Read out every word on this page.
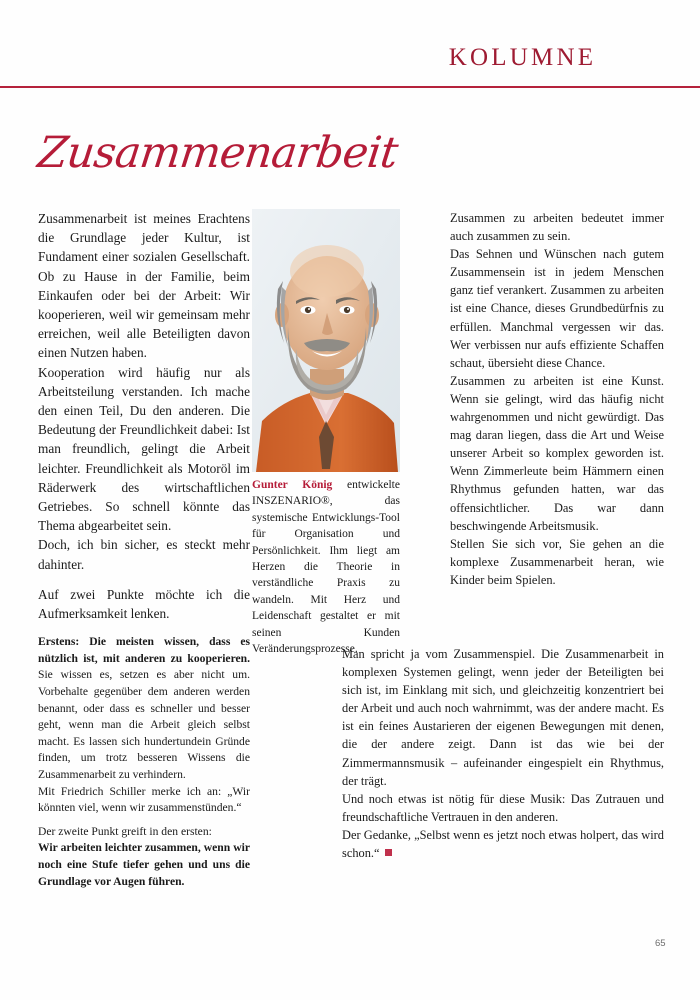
KOLUMNE
Zusammenarbeit

Zusammenarbeit ist meines Erachtens die Grundlage jeder Kultur, ist Fundament einer sozialen Gesellschaft. Ob zu Hause in der Familie, beim Einkaufen oder bei der Arbeit: Wir kooperieren, weil wir gemeinsam mehr erreichen, weil alle Beteiligten davon einen Nutzen haben.

Kooperation wird häufig nur als Arbeitsteilung verstanden. Ich mache den einen Teil, Du den anderen. Die Bedeutung der Freundlichkeit dabei: Ist man freundlich, gelingt die Arbeit leichter. Freundlichkeit als Motoröl im Räderwerk des wirtschaftlichen Getriebes. So schnell könnte das Thema abgearbeitet sein.

Doch, ich bin sicher, es steckt mehr dahinter.

Auf zwei Punkte möchte ich die Aufmerksamkeit lenken.

Erstens: Die meisten wissen, dass es nützlich ist, mit anderen zu kooperieren. Sie wissen es, setzen es aber nicht um. Vorbehalte gegenüber dem anderen werden benannt, oder dass es schneller und besser geht, wenn man die Arbeit gleich selbst macht. Es lassen sich hundertundein Gründe finden, um trotz besseren Wissens die Zusammenarbeit zu verhindern.

Mit Friedrich Schiller merke ich an: „Wir könnten viel, wenn wir zusammenstünden.“

Der zweite Punkt greift in den ersten:

Wir arbeiten leichter zusammen, wenn wir noch eine Stufe tiefer gehen und uns die Grundlage vor Augen führen.

Gunter König entwickelte INSZENARIO®, das systemische Entwicklungs-Tool für Organisation und Persönlichkeit. Ihm liegt am Herzen die Theorie in verständliche Praxis zu wandeln. Mit Herz und Leidenschaft gestaltet er mit seinen Kunden Veränderungsprozesse.

Zusammen zu arbeiten bedeutet immer auch zusammen zu sein.

Das Sehnen und Wünschen nach gutem Zusammensein ist in jedem Menschen ganz tief verankert. Zusammen zu arbeiten ist eine Chance, dieses Grundbedürfnis zu erfüllen. Manchmal vergessen wir das. Wer verbissen nur aufs effiziente Schaffen schaut, übersieht diese Chance.

Zusammen zu arbeiten ist eine Kunst. Wenn sie gelingt, wird das häufig nicht wahrgenommen und nicht gewürdigt. Das mag daran liegen, dass die Art und Weise unserer Arbeit so komplex geworden ist. Wenn Zimmerleute beim Hämmern einen Rhythmus gefunden hatten, war das offensichtlicher. Das war dann beschwingende Arbeitsmusik.

Stellen Sie sich vor, Sie gehen an die komplexe Zusammenarbeit heran, wie Kinder beim Spielen.

Man spricht ja vom Zusammenspiel. Die Zusammenarbeit in komplexen Systemen gelingt, wenn jeder der Beteiligten bei sich ist, im Einklang mit sich, und gleichzeitig konzentriert bei der Arbeit und auch noch wahrnimmt, was der andere macht. Es ist ein feines Austarieren der eigenen Bewegungen mit denen, die der andere zeigt. Dann ist das wie bei der Zimmermannsmusik – aufeinander eingespielt ein Rhythmus, der trägt.

Und noch etwas ist nötig für diese Musik: Das Zutrauen und freundschaftliche Vertrauen in den anderen.

Der Gedanke, „Selbst wenn es jetzt noch etwas holpert, das wird schon.“

65
